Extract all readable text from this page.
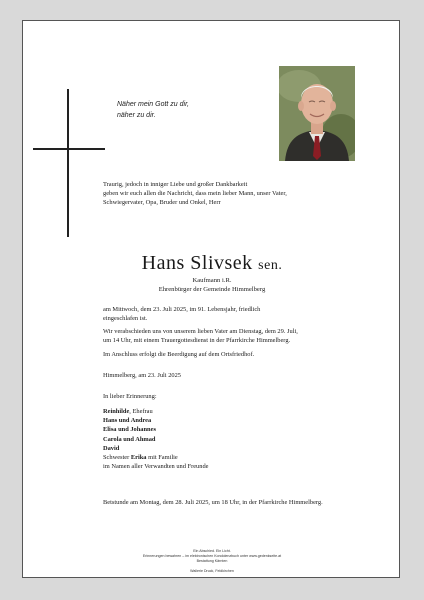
Näher mein Gott zu dir,
näher zu dir.
Traurig, jedoch in inniger Liebe und großer Dankbarkeit
geben wir euch allen die Nachricht, dass mein lieber Mann, unser Vater,
Schwiegervater, Opa, Bruder und Onkel, Herr
Hans Slivsek sen.
Kaufmann i.R.
Ehrenbürger der Gemeinde Himmelberg
am Mittwoch, dem 23. Juli 2025, im 91. Lebensjahr, friedlich
eingeschlafen ist.
Wir verabschieden uns von unserem lieben Vater am Dienstag, dem 29. Juli,
um 14 Uhr, mit einem Trauergottesdienst in der Pfarrkirche Himmelberg.
Im Anschluss erfolgt die Beerdigung auf dem Ortsfriedhof.
Himmelberg, am 23. Juli 2025
In lieber Erinnerung:
Reinhilde, Ehefrau
Hans und Andrea
Elisa und Johannes
Carola und Ahmad
David
Schwester Erika mit Familie
im Namen aller Verwandten und Freunde
Betstunde am Montag, dem 28. Juli 2025, um 18 Uhr, in der Pfarrkirche Himmelberg.
Ein Abschied. Ein Licht.
Erinnerungen bewahren – im elektronischen Kondolenzbuch unter www.gedenkseite.at
Bestattung Kärnten
Wallerie Druck, Feldkirchen
